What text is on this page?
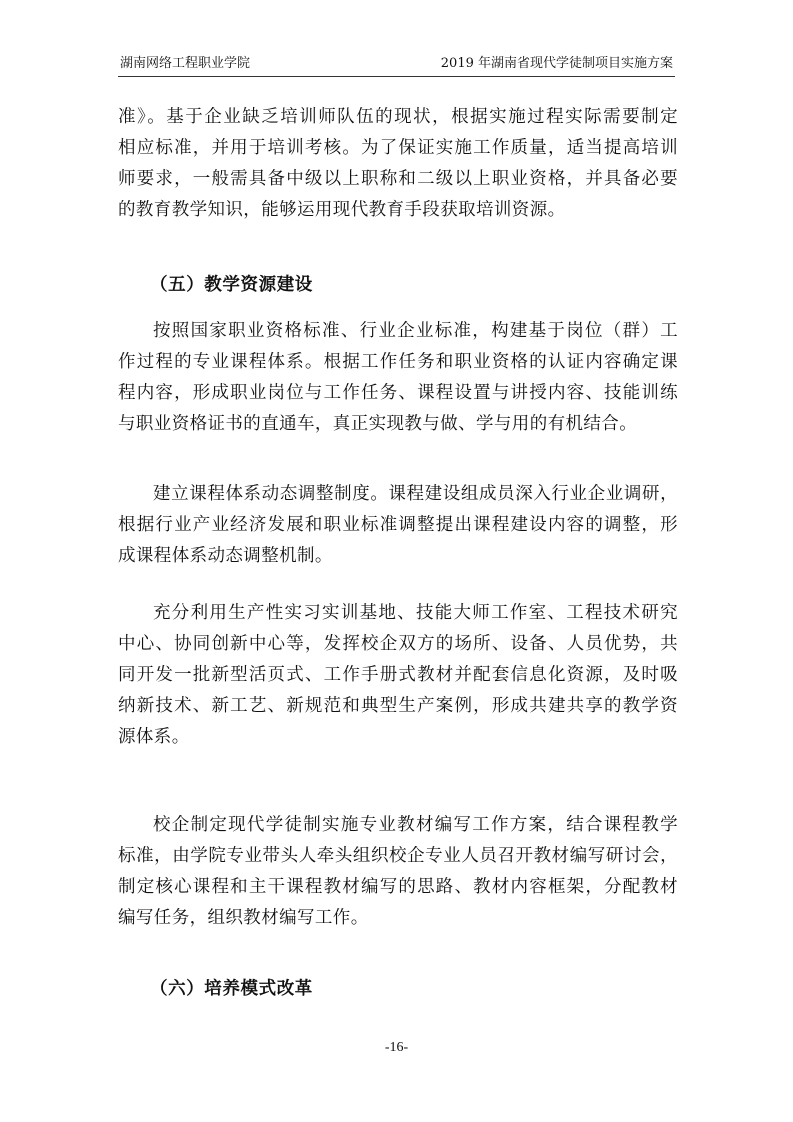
湖南网络工程职业学院	2019 年湖南省现代学徒制项目实施方案
准》。基于企业缺乏培训师队伍的现状，根据实施过程实际需要制定
相应标准，并用于培训考核。为了保证实施工作质量，适当提高培训
师要求，一般需具备中级以上职称和二级以上职业资格，并具备必要
的教育教学知识，能够运用现代教育手段获取培训资源。
（五）教学资源建设
按照国家职业资格标准、行业企业标准，构建基于岗位（群）工
作过程的专业课程体系。根据工作任务和职业资格的认证内容确定课
程内容，形成职业岗位与工作任务、课程设置与讲授内容、技能训练
与职业资格证书的直通车，真正实现教与做、学与用的有机结合。
建立课程体系动态调整制度。课程建设组成员深入行业企业调研，
根据行业产业经济发展和职业标准调整提出课程建设内容的调整，形
成课程体系动态调整机制。
充分利用生产性实习实训基地、技能大师工作室、工程技术研究
中心、协同创新中心等，发挥校企双方的场所、设备、人员优势，共
同开发一批新型活页式、工作手册式教材并配套信息化资源，及时吸
纳新技术、新工艺、新规范和典型生产案例，形成共建共享的教学资
源体系。
校企制定现代学徒制实施专业教材编写工作方案，结合课程教学
标准，由学院专业带头人牵头组织校企专业人员召开教材编写研讨会，
制定核心课程和主干课程教材编写的思路、教材内容框架，分配教材
编写任务，组织教材编写工作。
（六）培养模式改革
-16-
